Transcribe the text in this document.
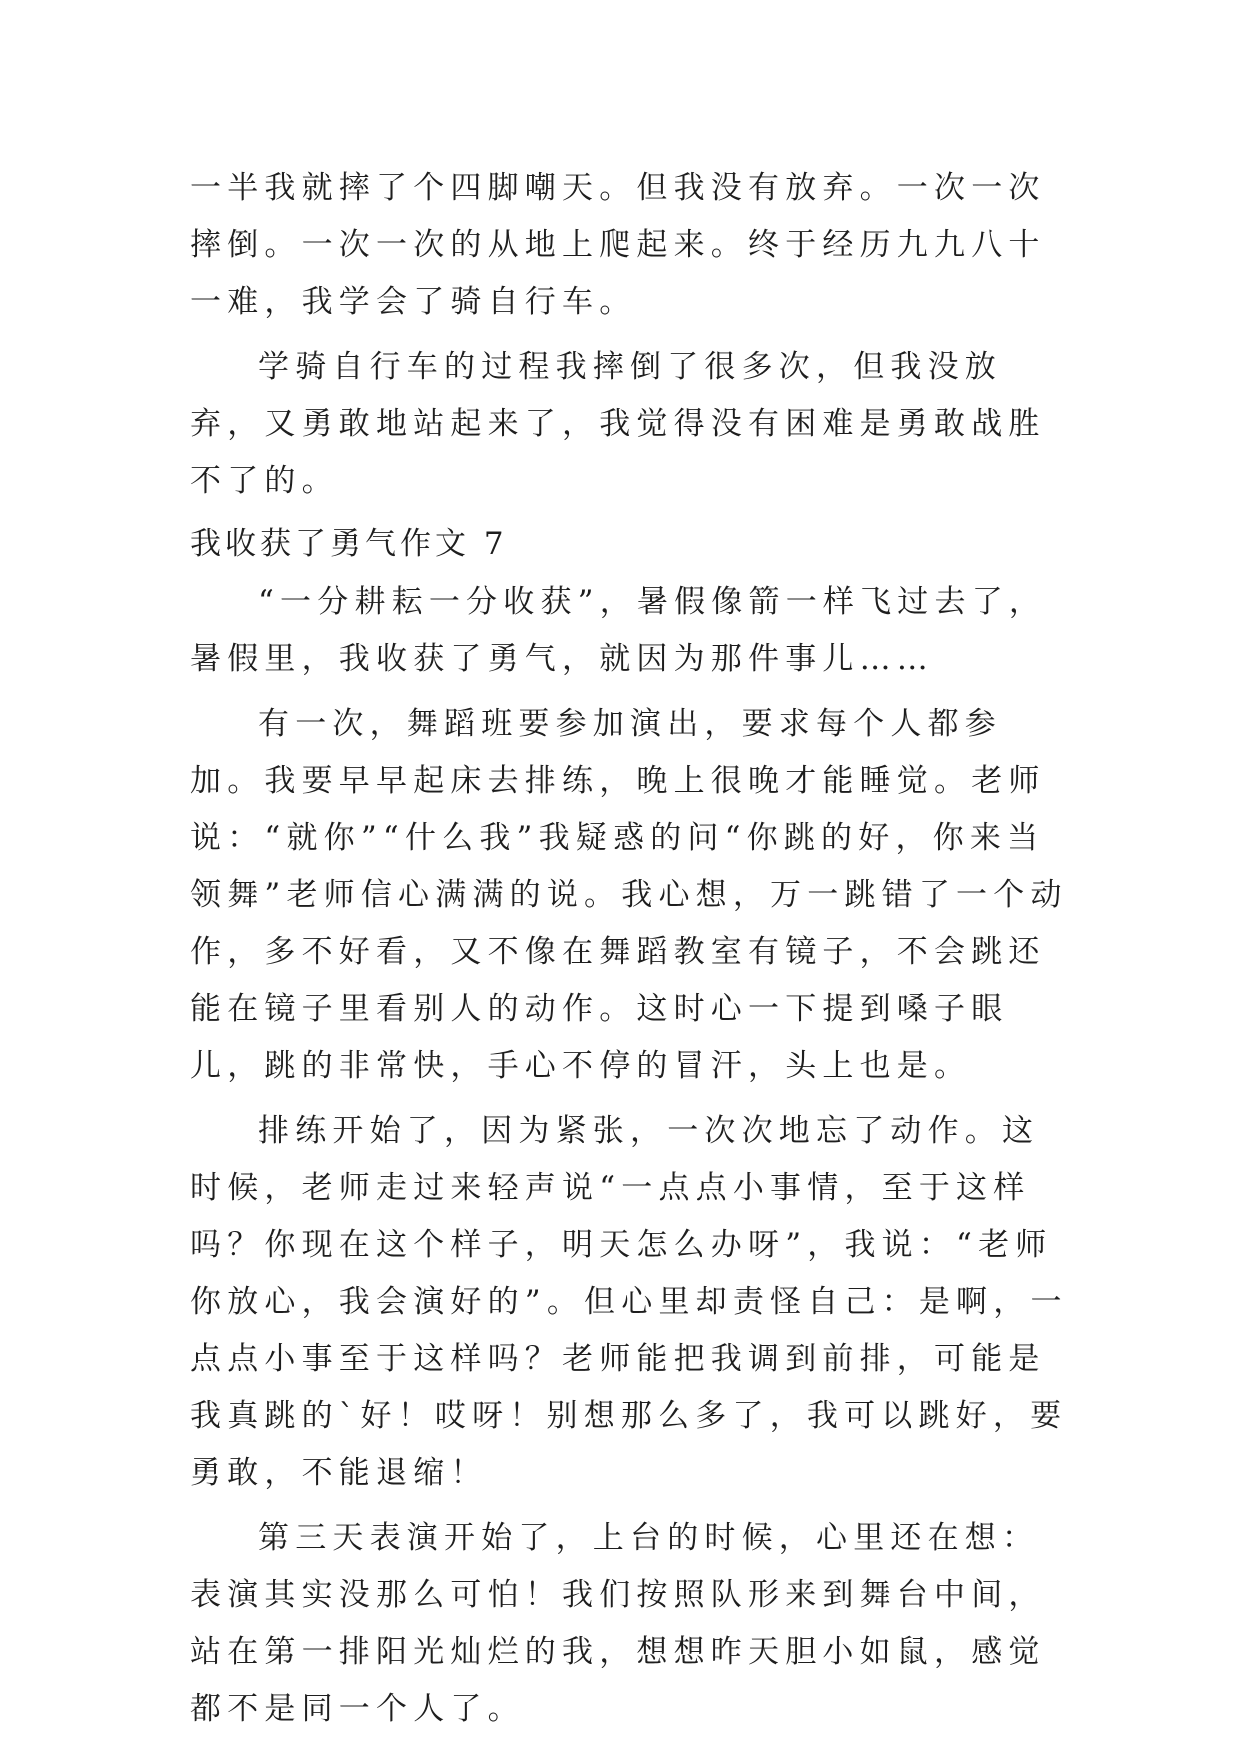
一半我就摔了个四脚嘲天。但我没有放弃。一次一次摔倒。一次一次的从地上爬起来。终于经历九九八十一难，我学会了骑自行车。

学骑自行车的过程我摔倒了很多次，但我没放弃，又勇敢地站起来了，我觉得没有困难是勇敢战胜不了的。

我收获了勇气作文 7

“一分耕耘一分收获”，暑假像箭一样飞过去了，暑假里，我收获了勇气，就因为那件事儿……

有一次，舞蹈班要参加演出，要求每个人都参加。我要早早起床去排练，晚上很晚才能睡觉。老师说：“就你”“什么我”我疑惑的问“你跳的好，你来当领舞”老师信心满满的说。我心想，万一跳错了一个动作，多不好看，又不像在舞蹈教室有镜子，不会跳还能在镜子里看别人的动作。这时心一下提到嗓子眼儿，跳的非常快，手心不停的冒汗，头上也是。

排练开始了，因为紧张，一次次地忘了动作。这时候，老师走过来轻声说“一点点小事情，至于这样吗？你现在这个样子，明天怎么办呀”，我说：“老师你放心，我会演好的”。但心里却责怪自己：是啊，一点点小事至于这样吗？老师能把我调到前排，可能是我真跳的`好！哎呀！别想那么多了，我可以跳好，要勇敢，不能退缩！

第三天表演开始了，上台的时候，心里还在想：表演其实没那么可怕！我们按照队形来到舞台中间，站在第一排阳光灿烂的我，想想昨天胆小如鼠，感觉都不是同一个人了。
